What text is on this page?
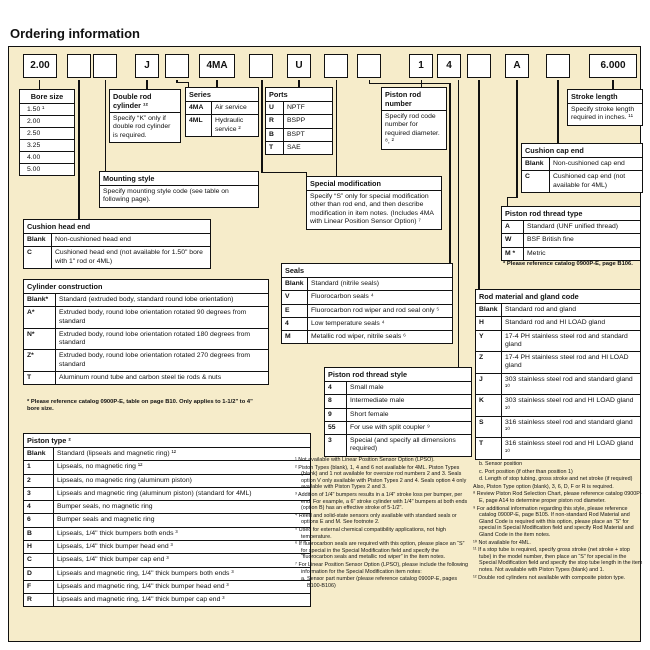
Ordering information
2.00	J	4MA	U	1	4	A	6.000
Bore size
1.50 ¹
2.00
2.50
3.25
4.00
5.00
Double rod cylinder ¹²
Specify “K” only if double rod cylinder is required.
Series
4MA	Air service
4ML	Hydraulic service ²
Ports
U	NPTF
R	BSPP
B	BSPT
T	SAE
Piston rod number
Specify rod code number for required diameter. ⁸, ²
Stroke length
Specify stroke length required in inches. ¹¹
Mounting style
Specify mounting style code (see table on following page).
Special modification
Specify “S” only for special modification other than rod end, and then describe modification in item notes. (Includes 4MA with Linear Position Sensor Option) ⁷
Cushion cap end
Blank	Non-cushioned cap end
C	Cushioned cap end (not available for 4ML)
Piston rod thread type
A	Standard (UNF unified thread)
W	BSF British fine
M *	Metric
* Please reference catalog 0900P-E, page B106.
Cushion head end
Blank	Non-cushioned head end
C	Cushioned head end (not available for 1.50" bore with 1" rod or 4ML)
Cylinder construction
Blank*	Standard (extruded body, standard round lobe orientation)
A*	Extruded body, round lobe orientation rotated 90 degrees from standard
N*	Extruded body, round lobe orientation rotated 180 degrees from standard
Z*	Extruded body, round lobe orientation rotated 270 degrees from standard
T	Aluminum round tube and carbon steel tie rods & nuts
* Please reference catalog 0900P-E, table on page B10. Only applies to 1-1/2" to 4" bore size.
Seals
Blank	Standard (nitrile seals)
V	Fluorocarbon seals ⁴
E	Fluorocarbon rod wiper and rod seal only ⁵
4	Low temperature seals ⁴
M	Metallic rod wiper, nitrile seals ⁶
Rod material and gland code
Blank	Standard rod and gland
H	Standard rod and HI LOAD gland
Y	17-4 PH stainless steel rod and standard gland
Z	17-4 PH stainless steel rod and HI LOAD gland
J	303 stainless steel rod and standard gland ¹⁰
K	303 stainless steel rod and HI LOAD gland ¹⁰
S	316 stainless steel rod and standard gland ¹⁰
T	316 stainless steel rod and HI LOAD gland ¹⁰
Piston rod thread style
4	Small male
8	Intermediate male
9	Short female
55	For use with split coupler ⁹
3	Special (and specify all dimensions required)
Piston type ²
Blank	Standard (lipseals and magnetic ring) ¹²
1	Lipseals, no magnetic ring ¹²
2	Lipseals, no magnetic ring (aluminum piston)
3	Lipseals and magnetic ring (aluminum piston) (standard for 4ML)
4	Bumper seals, no magnetic ring
6	Bumper seals and magnetic ring
B	Lipseals, 1/4" thick bumpers both ends ³
H	Lipseals, 1/4" thick bumper head end ³
C	Lipseals, 1/4" thick bumper cap end ³
D	Lipseals and magnetic ring, 1/4" thick bumpers both ends ³
F	Lipseals and magnetic ring, 1/4" thick bumper head end ³
R	Lipseals and magnetic ring, 1/4" thick bumper cap end ³
¹ Not available with Linear Position Sensor Option (LPSO).
² Piston Types (blank), 1, 4 and 6 not available for 4ML. Piston Types (blank) and 1 not available for oversize rod numbers 2 and 3. Seals option V only available with Piston Types 2 and 4. Seals option 4 only available with Piston Types 2 and 3.
³ Addition of 1/4" bumpers results in a 1/4" stroke loss per bumper, per end. For example, a 6" stroke cylinder with 1/4" bumpers at both ends (option B) has an effective stroke of 5-1/2".
⁴ Reed and solid-state sensors only available with standard seals or options E and M. See footnote 2.
⁵ Used for external chemical compatibility applications, not high temperature.
⁶ If fluorocarbon seals are required with this option, please place an “S” for special in the Special Modification field and specify the “fluorocarbon seals and metallic rod wiper” in the item notes.
⁷ For Linear Position Sensor Option (LPSO), please include the following information for the Special Modification item notes:
a. Sensor part number (please reference catalog 0900P-E, pages B100-B106)
b. Sensor position
c. Port position (if other than position 1)
d. Length of stop tubing, gross stroke and net stroke (if required)
Also, Piston Type option (blank), 3, 6, D, F or R is required.
⁸ Review Piston Rod Selection Chart, please reference catalog 0900P-E, page A14 to determine proper piston rod diameter.
⁹ For additional information regarding this style, please reference catalog 0900P-E, page B105. If non-standard Rod Material and Gland Code is required with this option, please place an “S” for special in Special Modification field and specify Rod Material and Gland Code in the item notes.
¹⁰ Not available for 4ML.
¹¹ If a stop tube is required, specify gross stroke (net stroke + stop tube) in the model number, then place an “S” for special in the Special Modification field and specify the stop tube length in the item notes. Not available with Piston Types (blank) and 1.
¹² Double rod cylinders not available with composite piston type.
